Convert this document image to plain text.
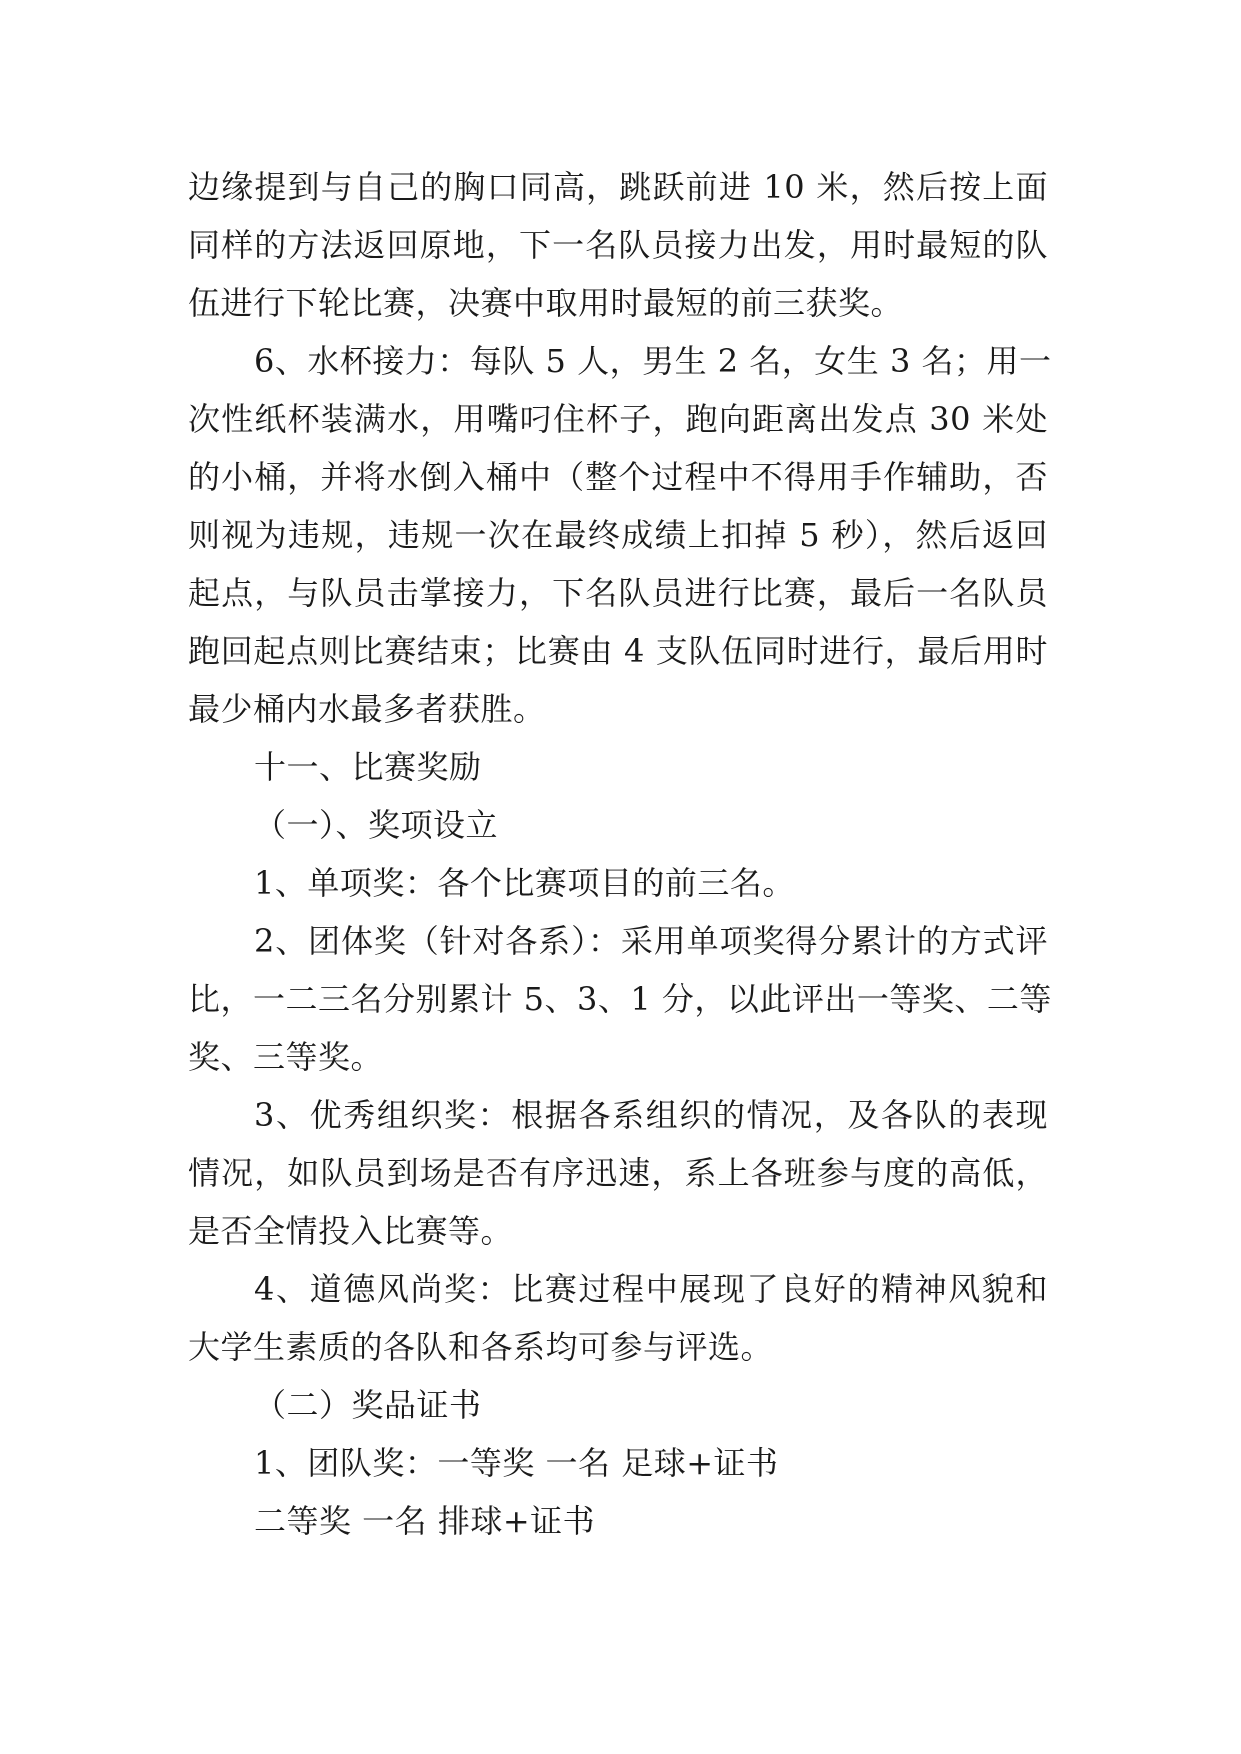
边缘提到与自己的胸口同高，跳跃前进 10 米，然后按上面
同样的方法返回原地，下一名队员接力出发，用时最短的队
伍进行下轮比赛，决赛中取用时最短的前三获奖。
6、水杯接力：每队 5 人，男生 2 名，女生 3 名；用一
次性纸杯装满水，用嘴叼住杯子，跑向距离出发点 30 米处
的小桶，并将水倒入桶中（整个过程中不得用手作辅助，否
则视为违规，违规一次在最终成绩上扣掉 5 秒），然后返回
起点，与队员击掌接力，下名队员进行比赛，最后一名队员
跑回起点则比赛结束；比赛由 4 支队伍同时进行，最后用时
最少桶内水最多者获胜。
十一、比赛奖励
（一）、奖项设立
1、单项奖：各个比赛项目的前三名。
2、团体奖（针对各系）：采用单项奖得分累计的方式评
比，一二三名分别累计 5、3、1 分，以此评出一等奖、二等
奖、三等奖。
3、优秀组织奖：根据各系组织的情况，及各队的表现
情况，如队员到场是否有序迅速，系上各班参与度的高低，
是否全情投入比赛等。
4、道德风尚奖：比赛过程中展现了良好的精神风貌和
大学生素质的各队和各系均可参与评选。
（二）奖品证书
1、团队奖：一等奖 一名 足球+证书
二等奖 一名 排球+证书
